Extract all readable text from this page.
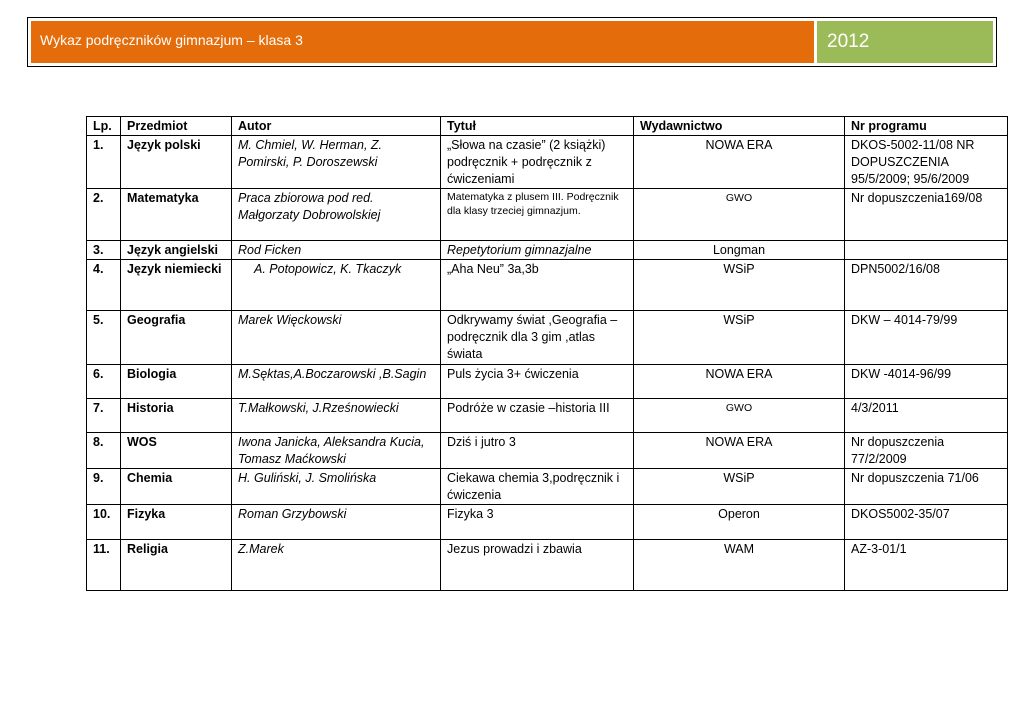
Wykaz podręczników gimnazjum – klasa 3	2012
Lp.	Przedmiot	Autor	Tytuł	Wydawnictwo	Nr programu
1.	Język polski	M. Chmiel, W. Herman, Z. Pomirski, P. Doroszewski	„Słowa na czasie” (2 książki) podręcznik + podręcznik z ćwiczeniami	NOWA ERA	DKOS-5002-11/08 NR DOPUSZCZENIA 95/5/2009; 95/6/2009
2.	Matematyka	Praca zbiorowa pod red. Małgorzaty Dobrowolskiej	Matematyka z plusem III. Podręcznik dla klasy trzeciej gimnazjum.	GWO	Nr dopuszczenia169/08
3.	Język angielski	Rod Ficken	Repetytorium gimnazjalne	Longman	
4.	Język niemiecki	A. Potopowicz, K. Tkaczyk	„Aha Neu” 3a,3b	WSiP	DPN5002/16/08
5.	Geografia	Marek Więckowski	Odkrywamy świat ,Geografia –podręcznik dla 3 gim ,atlas świata	WSiP	DKW – 4014-79/99
6.	Biologia	M.Sęktas,A.Boczarowski ,B.Sagin	Puls życia 3+ ćwiczenia	NOWA ERA	DKW -4014-96/99
7.	Historia	T.Małkowski, J.Rześnowiecki	Podróże w czasie –historia III	GWO	4/3/2011
8.	WOS	Iwona Janicka, Aleksandra Kucia, Tomasz Maćkowski	Dziś i jutro 3	NOWA ERA	Nr dopuszczenia 77/2/2009
9.	Chemia	H. Guliński, J. Smolińska	Ciekawa chemia 3,podręcznik i ćwiczenia	WSiP	Nr dopuszczenia 71/06
10.	Fizyka	Roman Grzybowski	Fizyka 3	Operon	DKOS5002-35/07
11.	Religia	Z.Marek	Jezus prowadzi i zbawia	WAM	AZ-3-01/1
